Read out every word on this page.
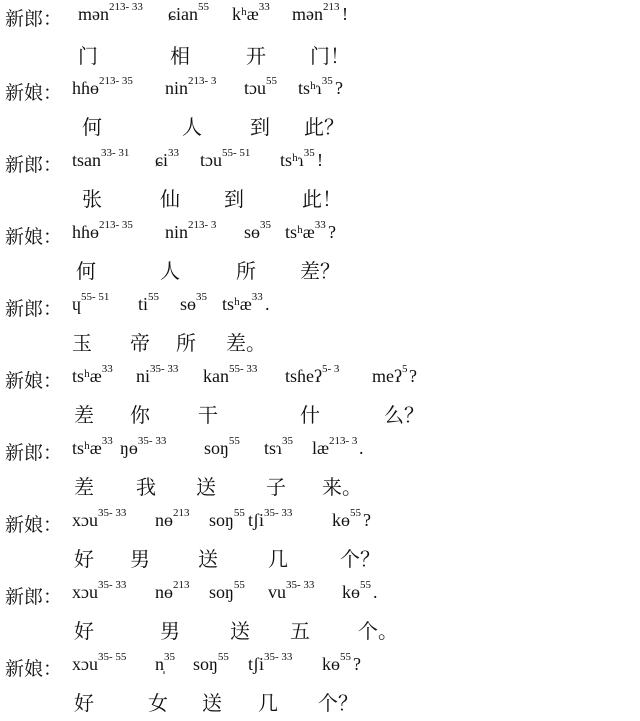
新郎： mən$^{213- 33}$ ɕian$^{55}$ kʰæ$^{33}$ mən$^{213}$ !
门	相	开 门！
新娘： hɦɵ$^{213- 35}$ nin$^{213- 3}$ tɔu$^{55}$ tsʰɿ$^{35}$ ?
何	人 到 此？
新郎： tsan$^{33- 31}$ ɕi$^{33}$ tɔu$^{55- 51}$ tsʰɿ$^{35}$ !
张	仙 到	此！
新娘： hɦɵ$^{213- 35}$ nin$^{213- 3}$ sɵ$^{35}$ tsʰæ$^{33}$ ?
何	人	所 差？
新郎： ɥ$^{55- 51}$ $ti^{55}$ sɵ$^{35}$ tsʰæ$^{33}$ .
玉 帝 所 差。
新娘： tsʰæ$^{33}$ $ni^{35- 33}$ kan$^{55- 33}$ tsɦeʔ$^{5- 3}$ meʔ$^5$ ?
差 你 干	什	么？
新郎： tsʰæ$^{33}$ ŋɵ$^{35- 33}$ soŋ$^{55}$ tsɿ$^{35}$ $læ^{213- 3}$ .
差 我 送	子 来。
新娘： xɔu$^{35- 33}$ nɵ$^{213}$ soŋ$^{55}$ tʃi$^{35- 33}$ kɵ$^{55}$ ?
好 男 送	几	个？
新郎： xɔu$^{35- 33}$ nɵ$^{213}$ soŋ$^{55}$ $vu^{35- 33}$ kɵ$^{55}$ .
好	男	送 五 个。
新娘： xɔu$^{35- 55}$ n̩$^{35}$ soŋ$^{55}$ tʃi$^{35- 33}$ kɵ$^{55}$ ?
好	女 送 几 个？
